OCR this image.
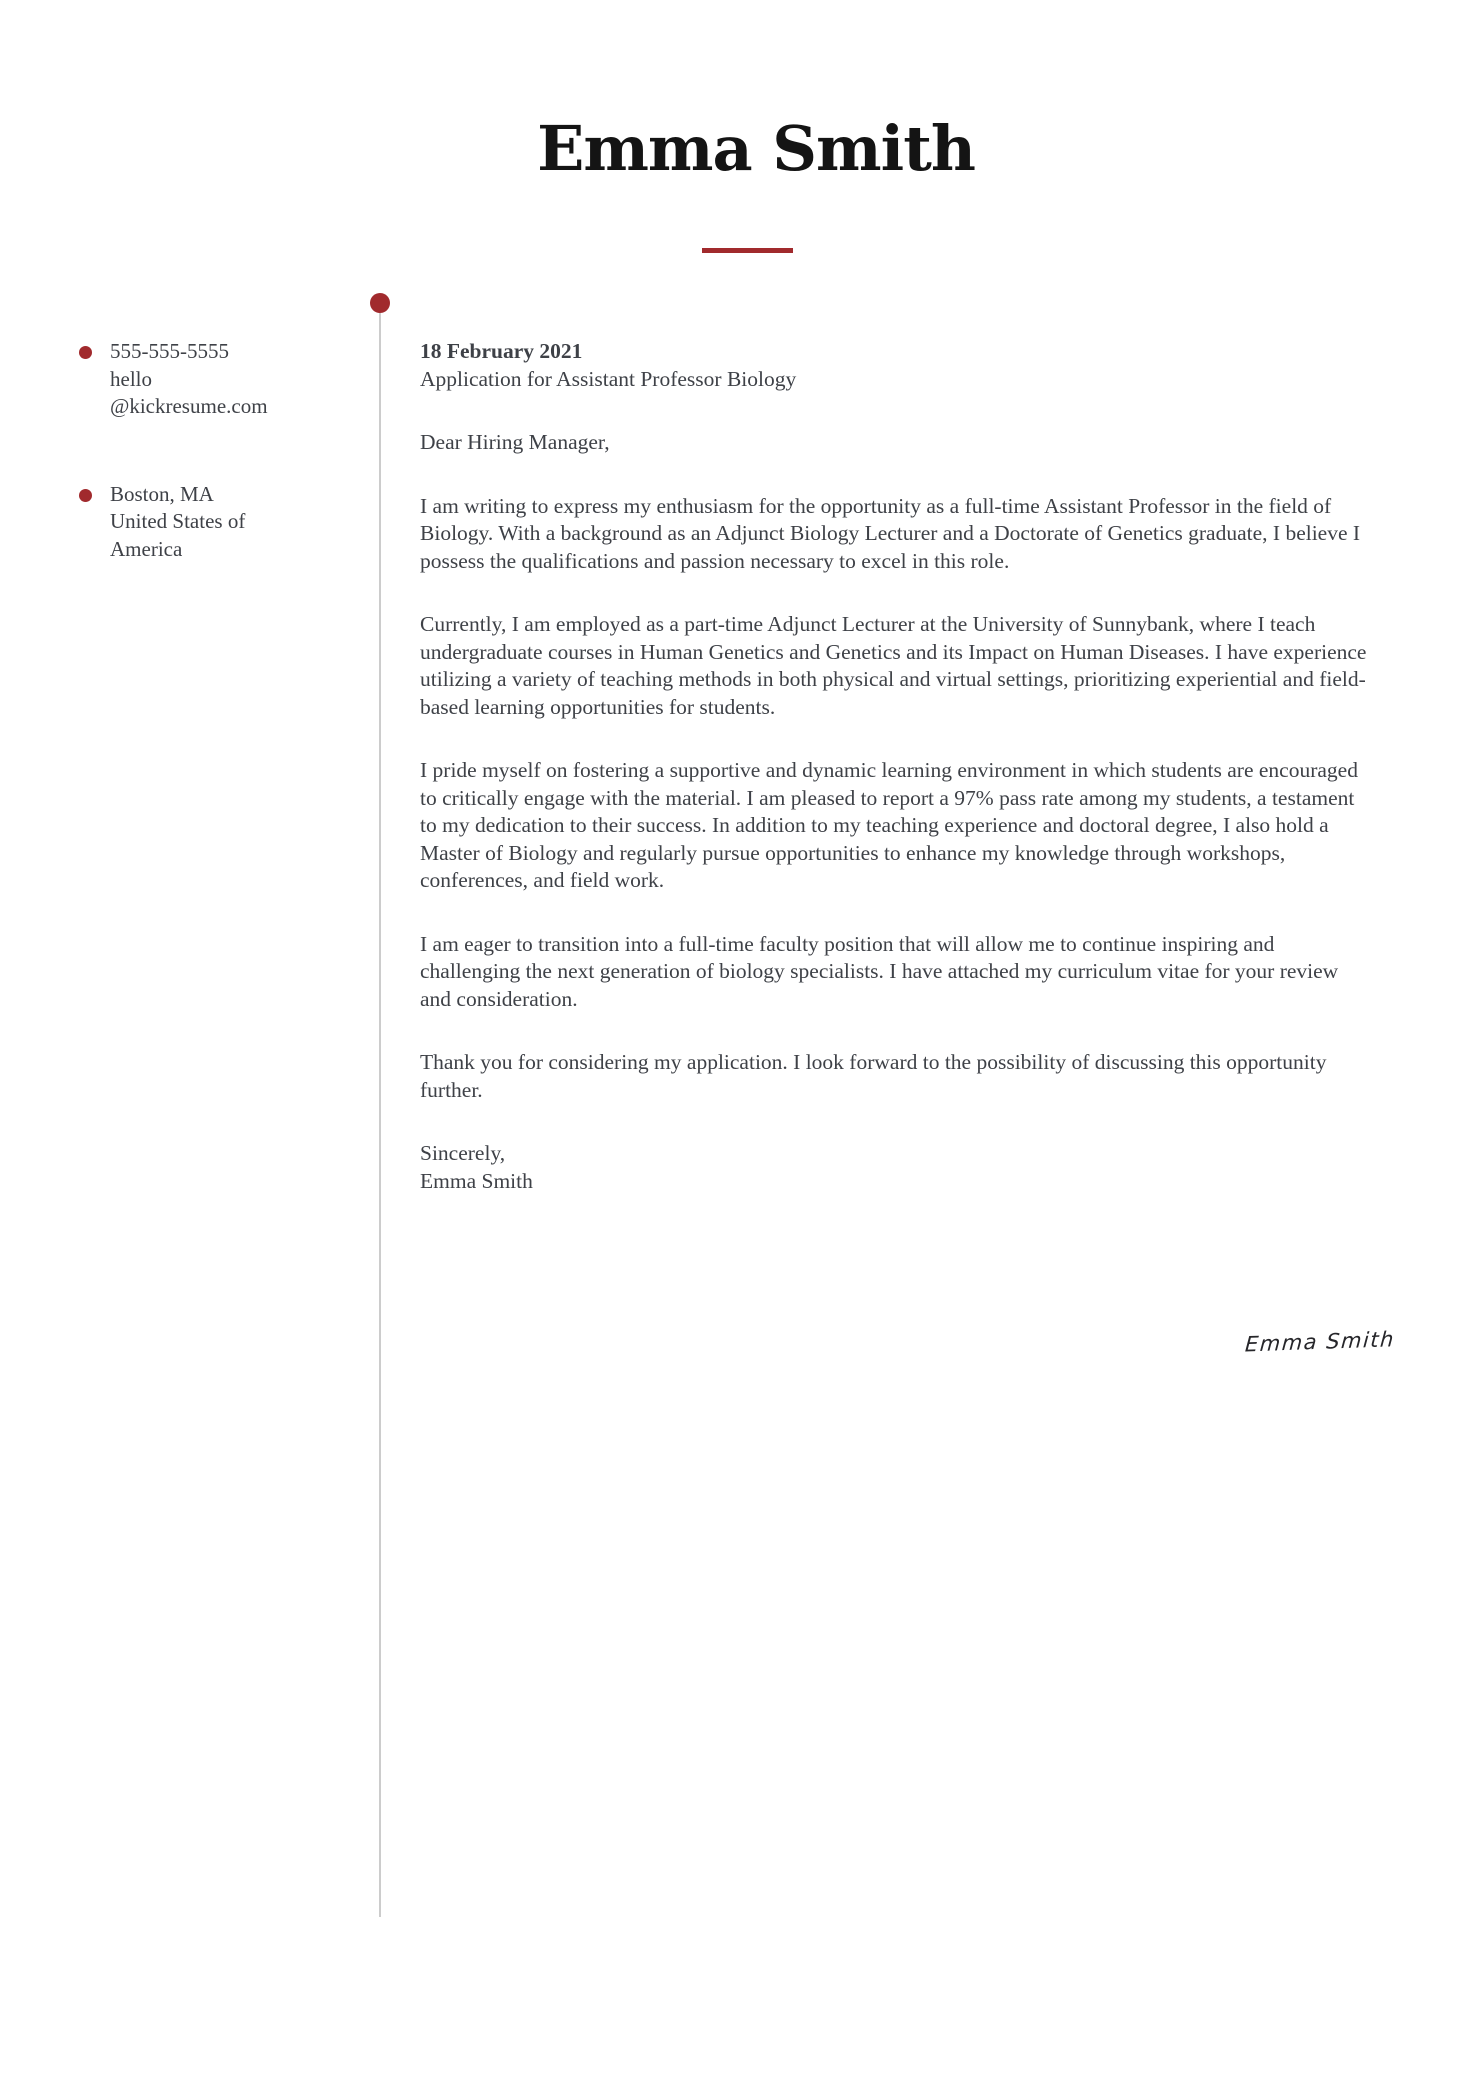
Emma Smith
555-555-5555
hello
@kickresume.com
Boston, MA
United States of
America
18 February 2021
Application for Assistant Professor Biology

Dear Hiring Manager,

I am writing to express my enthusiasm for the opportunity as a full-time Assistant Professor in the field of Biology. With a background as an Adjunct Biology Lecturer and a Doctorate of Genetics graduate, I believe I possess the qualifications and passion necessary to excel in this role.

Currently, I am employed as a part-time Adjunct Lecturer at the University of Sunnybank, where I teach undergraduate courses in Human Genetics and Genetics and its Impact on Human Diseases. I have experience utilizing a variety of teaching methods in both physical and virtual settings, prioritizing experiential and field-based learning opportunities for students.

I pride myself on fostering a supportive and dynamic learning environment in which students are encouraged to critically engage with the material. I am pleased to report a 97% pass rate among my students, a testament to my dedication to their success. In addition to my teaching experience and doctoral degree, I also hold a Master of Biology and regularly pursue opportunities to enhance my knowledge through workshops, conferences, and field work.

I am eager to transition into a full-time faculty position that will allow me to continue inspiring and challenging the next generation of biology specialists. I have attached my curriculum vitae for your review and consideration.

Thank you for considering my application. I look forward to the possibility of discussing this opportunity further.

Sincerely,
Emma Smith

Emma Smith
